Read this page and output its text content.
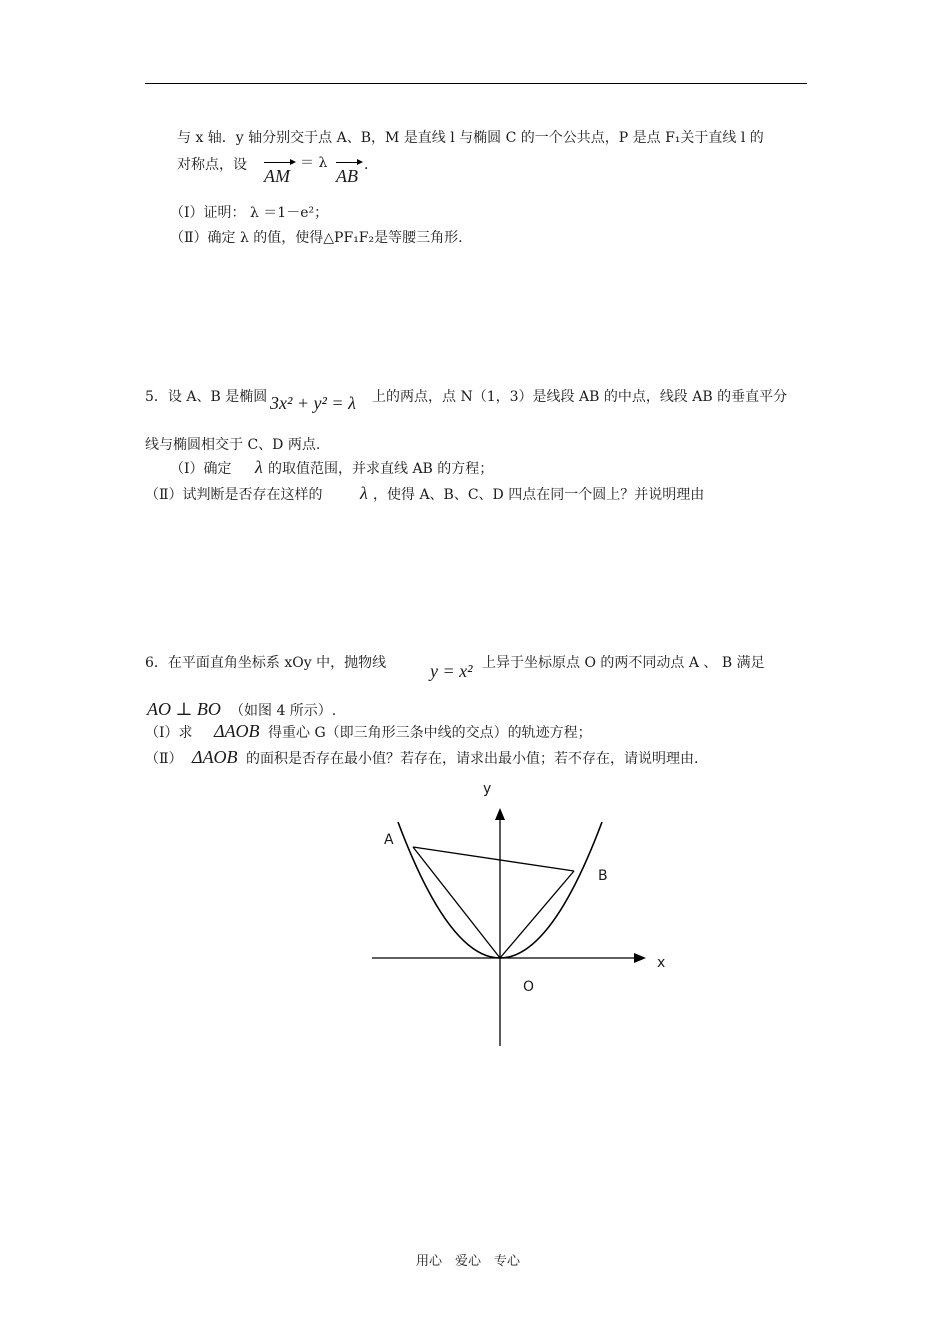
与 x 轴．y 轴分别交于点 A、B，M 是直线 l 与椭圆 C 的一个公共点，P 是点 F₁关于直线 l 的
对称点，设
AM
＝ λ
AB
．
（Ⅰ）证明： λ ＝1－e²；
（Ⅱ）确定 λ 的值，使得△PF₁F₂是等腰三角形.
5．设 A、B 是椭圆 3x² + y² = λ 上的两点，点 N（1，3）是线段 AB 的中点，线段 AB 的垂直平分
线与椭圆相交于 C、D 两点.
（Ⅰ）确定 λ 的取值范围，并求直线 AB 的方程；
（Ⅱ）试判断是否存在这样的 λ ，使得 A、B、C、D 四点在同一个圆上？并说明理由
6．在平面直角坐标系 xOy 中，抛物线 y = x² 上异于坐标原点 O 的两不同动点 A 、 B 满足
AO ⊥ BO （如图 4 所示）.
（Ⅰ）求 ΔAOB 得重心 G（即三角形三条中线的交点）的轨迹方程；
（Ⅱ） ΔAOB 的面积是否存在最小值？若存在，请求出最小值；若不存在，请说明理由.
y
x
A
B
O
用心　爱心　专心
